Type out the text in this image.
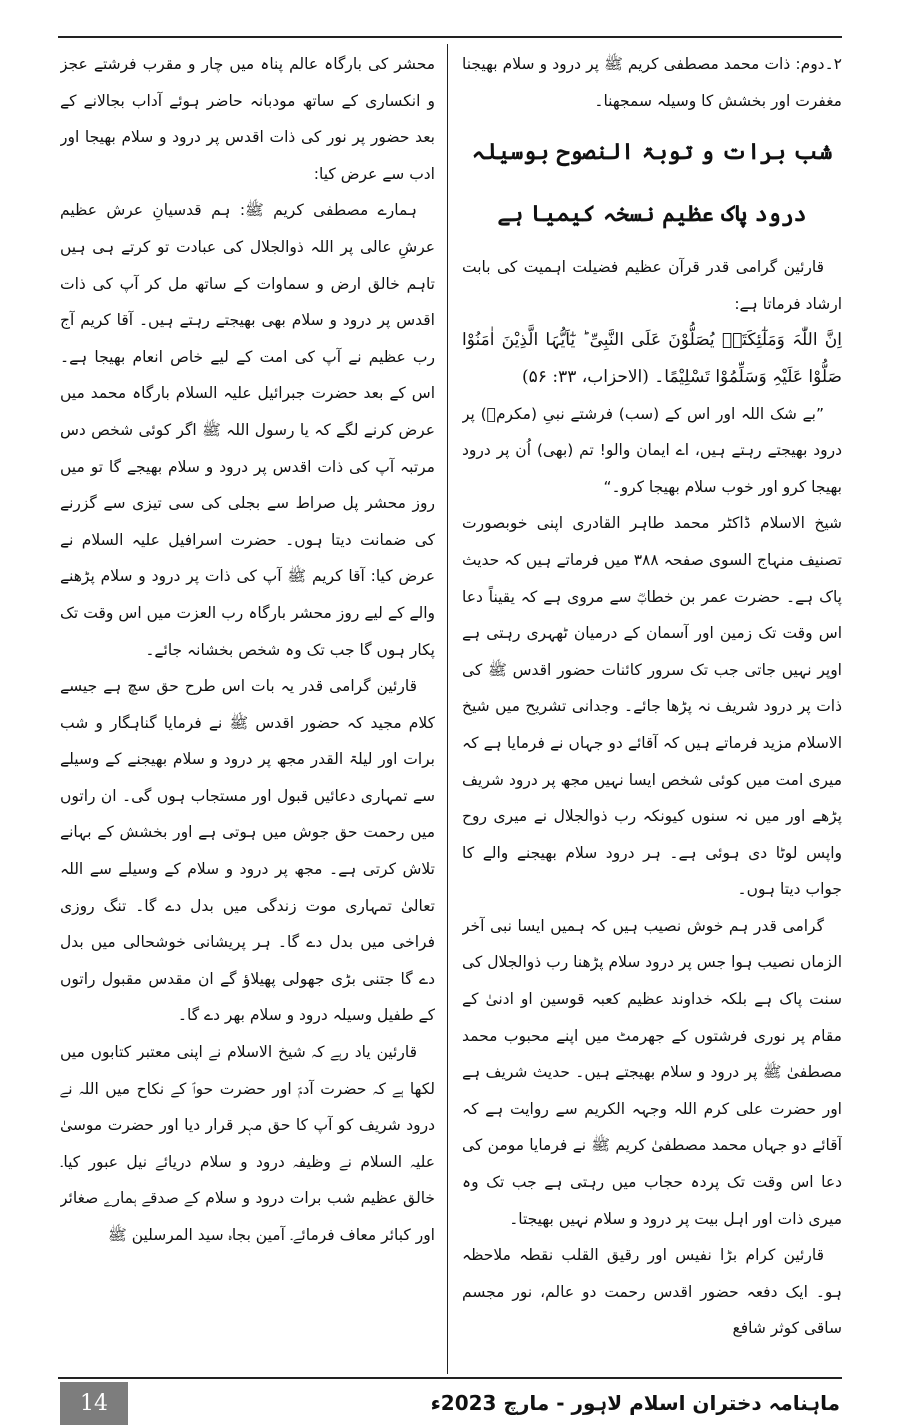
۲۔دوم: ذات محمد مصطفی کریم ﷺ پر درود و سلام بھیجنا مغفرت اور بخشش کا وسیلہ سمجھنا۔

شب برات و توبۃ النصوح بوسیلہ درود پاک عظیم نسخہ کیمیا ہے

قارئین گرامی قدر قرآن عظیم فضیلت اہمیت کی بابت ارشاد فرماتا ہے:

اِنَّ اللّٰہَ وَمَلٰٓئِکَتَہٗ یُصَلُّوْنَ عَلَی النَّبِیِّ ؕ یٰٓاَیُّہَا الَّذِیْنَ اٰمَنُوْا صَلُّوْا عَلَیْہِ وَسَلِّمُوْا تَسْلِیْمًا۔ (الاحزاب، ۳۳: ۵۶)

”بے شک اللہ اور اس کے (سب) فرشتے نبیِ (مکرمؐ) پر درود بھیجتے رہتے ہیں، اے ایمان والو! تم (بھی) اُن پر درود بھیجا کرو اور خوب سلام بھیجا کرو۔“

شیخ الاسلام ڈاکٹر محمد طاہر القادری اپنی خوبصورت تصنیف منہاج السوی صفحہ ۳۸۸ میں فرماتے ہیں کہ حدیث پاک ہے۔ حضرت عمر بن خطابؓ سے مروی ہے کہ یقیناً دعا اس وقت تک زمین اور آسمان کے درمیان ٹھہری رہتی ہے اوپر نہیں جاتی جب تک سرور کائنات حضور اقدس ﷺ کی ذات پر درود شریف نہ پڑھا جائے۔ وجدانی تشریح میں شیخ الاسلام مزید فرماتے ہیں کہ آقائے دو جہاں نے فرمایا ہے کہ میری امت میں کوئی شخص ایسا نہیں مجھ پر درود شریف پڑھے اور میں نہ سنوں کیونکہ رب ذوالجلال نے میری روح واپس لوٹا دی ہوئی ہے۔ ہر درود سلام بھیجنے والے کا جواب دیتا ہوں۔

گرامی قدر ہم خوش نصیب ہیں کہ ہمیں ایسا نبی آخر الزماں نصیب ہوا جس پر درود سلام پڑھنا رب ذوالجلال کی سنت پاک ہے بلکہ خداوند عظیم کعبہ قوسین او ادنیٰ کے مقام پر نوری فرشتوں کے جھرمٹ میں اپنے محبوب محمد مصطفیٰ ﷺ پر درود و سلام بھیجتے ہیں۔ حدیث شریف ہے اور حضرت علی کرم اللہ وجہہ الکریم سے روایت ہے کہ آقائے دو جہاں محمد مصطفیٰ کریم ﷺ نے فرمایا مومن کی دعا اس وقت تک پردہ حجاب میں رہتی ہے جب تک وہ میری ذات اور اہل بیت پر درود و سلام نہیں بھیجتا۔

قارئین کرام بڑا نفیس اور رقیق القلب نقطہ ملاحظہ ہو۔ ایک دفعہ حضور اقدس رحمت دو عالم، نور مجسم ساقی کوثر شافع

محشر کی بارگاہ عالم پناہ میں چار و مقرب فرشتے عجز و انکساری کے ساتھ مودبانہ حاضر ہوئے آداب بجالانے کے بعد حضور پر نور کی ذات اقدس پر درود و سلام بھیجا اور ادب سے عرض کیا:

ہمارے مصطفی کریم ﷺ: ہم قدسیانِ عرش عظیم عرشِ عالی پر اللہ ذوالجلال کی عبادت تو کرتے ہی ہیں تاہم خالق ارض و سماوات کے ساتھ مل کر آپ کی ذات اقدس پر درود و سلام بھی بھیجتے رہتے ہیں۔ آقا کریم آج رب عظیم نے آپ کی امت کے لیے خاص انعام بھیجا ہے۔ اس کے بعد حضرت جبرائیل علیہ السلام بارگاہ محمد میں عرض کرنے لگے کہ یا رسول اللہ ﷺ اگر کوئی شخص دس مرتبہ آپ کی ذات اقدس پر درود و سلام بھیجے گا تو میں روز محشر پل صراط سے بجلی کی سی تیزی سے گزرنے کی ضمانت دیتا ہوں۔ حضرت اسرافیل علیہ السلام نے عرض کیا: آقا کریم ﷺ آپ کی ذات پر درود و سلام پڑھنے والے کے لیے روز محشر بارگاہ رب العزت میں اس وقت تک پکار ہوں گا جب تک وہ شخص بخشانہ جائے۔

قارئین گرامی قدر یہ بات اس طرح حق سچ ہے جیسے کلام مجید کہ حضور اقدس ﷺ نے فرمایا گناہگار و شب برات اور لیلۃ القدر مجھ پر درود و سلام بھیجنے کے وسیلے سے تمہاری دعائیں قبول اور مستجاب ہوں گی۔ ان راتوں میں رحمت حق جوش میں ہوتی ہے اور بخشش کے بہانے تلاش کرتی ہے۔ مجھ پر درود و سلام کے وسیلے سے اللہ تعالیٰ تمہاری موت زندگی میں بدل دے گا۔ تنگ روزی فراخی میں بدل دے گا۔ ہر پریشانی خوشحالی میں بدل دے گا جتنی بڑی جھولی پھیلاؤ گے ان مقدس مقبول راتوں کے طفیل وسیلہ درود و سلام بھر دے گا۔

قارئین یاد رہے کہ شیخ الاسلام نے اپنی معتبر کتابوں میں لکھا ہے کہ حضرت آدمؑ اور حضرت حواؑ کے نکاح میں اللہ نے درود شریف کو آپ کا حق مہر قرار دیا اور حضرت موسیٰ علیہ السلام نے وظیفہ درود و سلام دریائے نیل عبور کیا۔ خالق عظیم شب برات درود و سلام کے صدقے ہمارے صغائر اور کبائر معاف فرمائے۔ آمین بجاہ سید المرسلین ﷺ

14	ماہنامہ دختران اسلام لاہور - مارچ 2023ء
